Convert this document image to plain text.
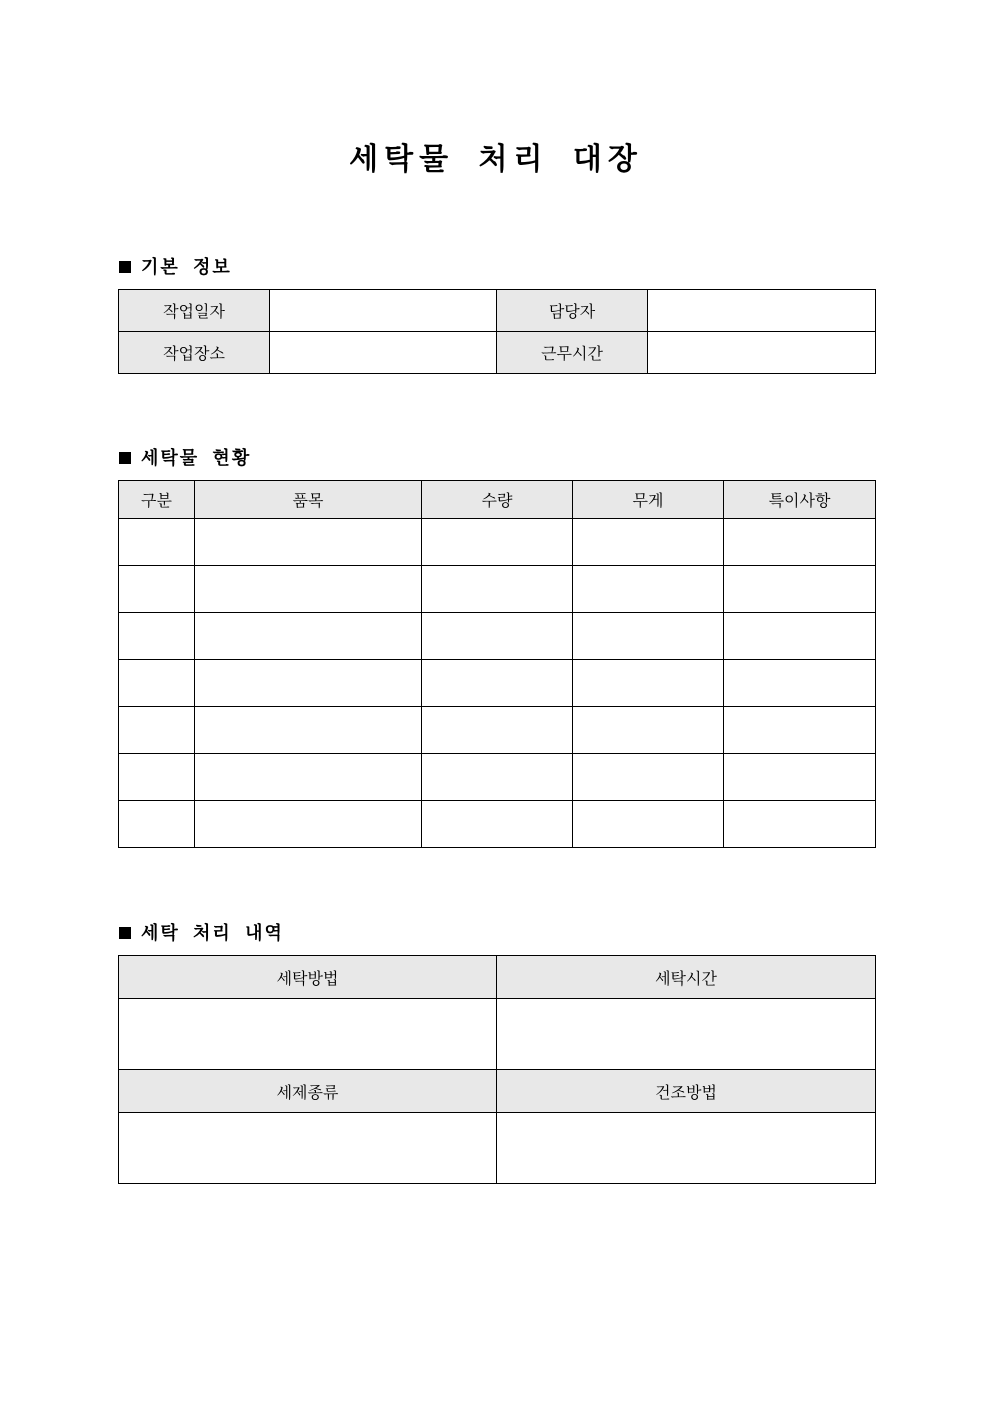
세탁물 처리 대장
기본 정보
작업일자		담당자	
작업장소		근무시간	
세탁물 현황
구분	품목	수량	무게	특이사항

세탁 처리 내역
세탁방법	세탁시간

세제종류	건조방법
